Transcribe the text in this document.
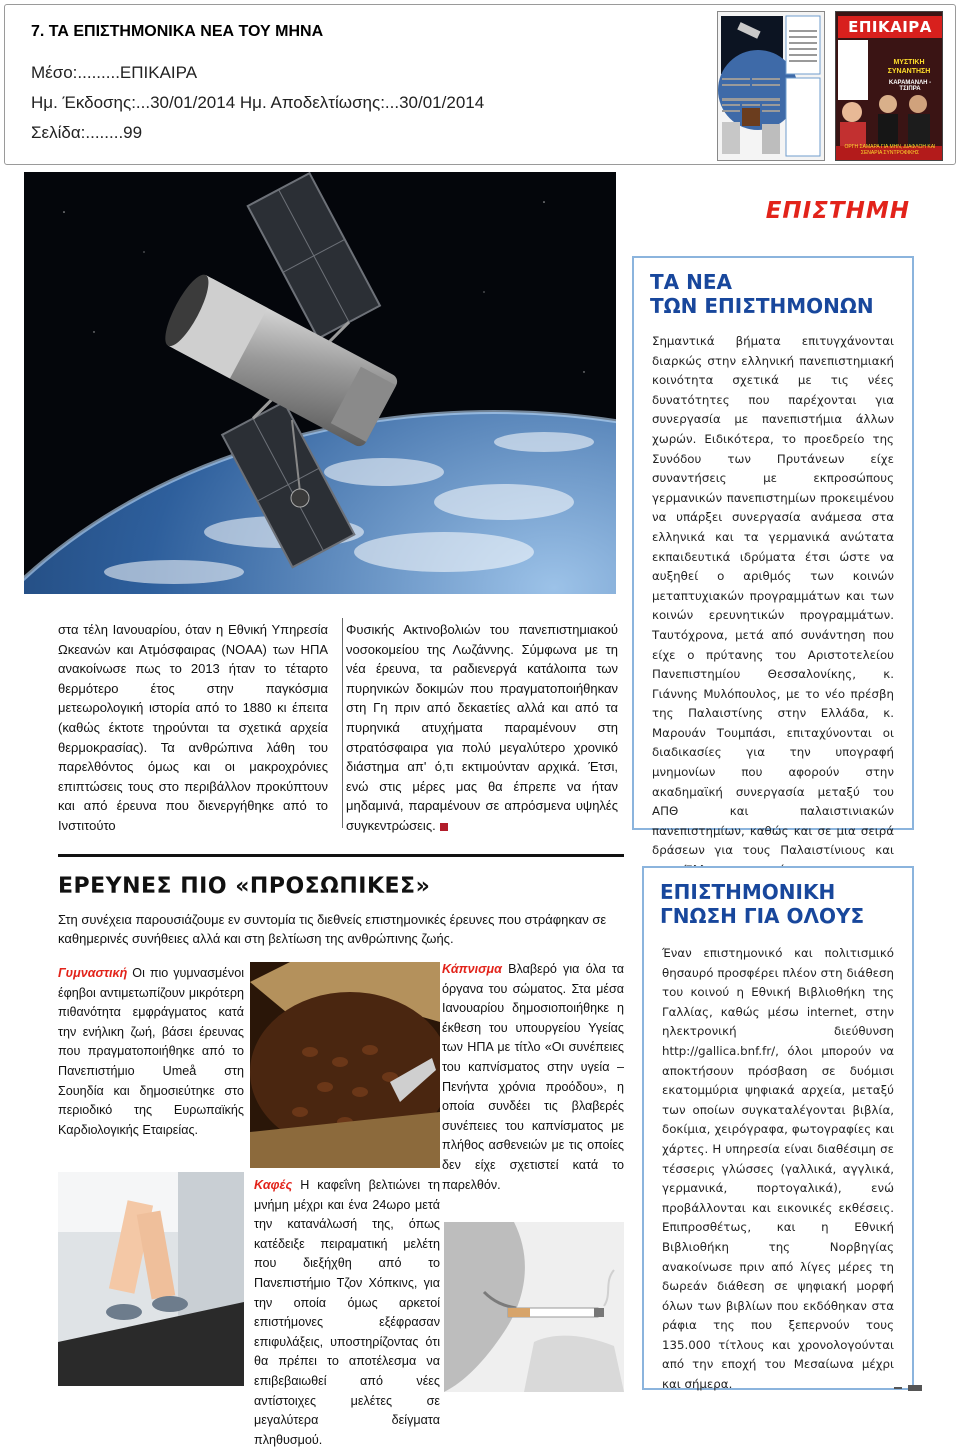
7. ΤΑ ΕΠΙΣΤΗΜΟΝΙΚΑ ΝΕΑ ΤΟΥ ΜΗΝΑ
Μέσο:.........ΕΠΙΚΑΙΡΑ
Ημ. Έκδοσης:...30/01/2014 Ημ. Αποδελτίωσης:...30/01/2014
Σελίδα:........99
ΕΠΙΚΑΙΡΑ
ΜΥΣΤΙΚΗ ΣΥΝΑΝΤΗΣΗ
ΚΑΡΑΜΑΝΛΗ - ΤΣΙΠΡΑ
ΟΡΓΗ ΣΑΜΑΡΑ ΓΙΑ ΜΗΝ, ΔΙΑΦΛΟΗ ΚΑΙ ΣΕΝΑΡΙΑ ΣΥΝΤΡΟΦΙΚΗΣ
ΕΠΙΣΤΗΜΗ
ΤΑ ΝΕΑ
ΤΩΝ ΕΠΙΣΤΗΜΟΝΩΝ
Σημαντικά βήματα επιτυγχάνονται διαρκώς στην ελληνική πανεπιστημιακή κοινότητα σχετικά με τις νέες δυνατότητες που παρέχονται για συνεργασία με πανεπιστήμια άλλων χωρών. Ειδικότερα, το προεδρείο της Συνόδου των Πρυτάνεων είχε συναντήσεις με εκπροσώπους γερμανικών πανεπιστημίων προκειμένου να υπάρξει συνεργασία ανάμεσα στα ελληνικά και τα γερμανικά ανώτατα εκπαιδευτικά ιδρύματα έτσι ώστε να αυξηθεί ο αριθμός των κοινών μεταπτυχιακών προγραμμάτων και των κοινών ερευνητικών προγραμμάτων. Ταυτόχρονα, μετά από συνάντηση που είχε ο πρύτανης του Αριστοτελείου Πανεπιστημίου Θεσσαλονίκης, κ. Γιάννης Μυλόπουλος, με το νέο πρέσβη της Παλαιστίνης στην Ελλάδα, κ. Μαρουάν Τουμπάσι, επιταχύνονται οι διαδικασίες για την υπογραφή μνημονίων που αφορούν στην ακαδημαϊκή συνεργασία μεταξύ του ΑΠΘ και παλαιστινιακών πανεπιστημίων, καθώς και σε μια σειρά δράσεων για τους Παλαιστίνιους και
ΕΠΙΣΤΗΜΟΝΙΚΗ
ΓΝΩΣΗ ΓΙΑ ΟΛΟΥΣ
Έναν επιστημονικό και πολιτισμικό θησαυρό προσφέρει πλέον στη διάθεση του κοινού η Εθνική Βιβλιοθήκη της Γαλλίας, καθώς μέσω internet, στην ηλεκτρονική διεύθυνση http://gallica.bnf.fr/, όλοι μπορούν να αποκτήσουν πρόσβαση σε δυόμισι εκατομμύρια ψηφιακά αρχεία, μεταξύ των οποίων συγκαταλέγονται βιβλία, δοκίμια, χειρόγραφα, φωτογραφίες και χάρτες. Η υπηρεσία είναι διαθέσιμη σε τέσσερις γλώσσες (γαλλικά, αγγλικά, γερμανικά, πορτογαλικά), ενώ προβάλλονται και εικονικές εκθέσεις. Επιπροσθέτως, και η Εθνική Βιβλιοθήκη της Νορβηγίας ανακοίνωσε πριν από λίγες μέρες τη δωρεάν διάθεση σε ψηφιακή μορφή όλων των βιβλίων που εκδόθηκαν στα ράφια της που ξεπερνούν τους 135.000 τίτλους και χρονολογούνται από την εποχή του Μεσαίωνα μέχρι και σήμερα.
στα τέλη Ιανουαρίου, όταν η Εθνική Υπηρεσία Ωκεανών και Ατμόσφαιρας (NOAA) των ΗΠΑ ανακοίνωσε πως το 2013 ήταν το τέταρτο θερμότερο έτος στην παγκόσμια μετεωρολογική ιστορία από το 1880 κι έπειτα (καθώς έκτοτε τηρούνται τα σχετικά αρχεία θερμοκρασίας). Τα ανθρώπινα λάθη του παρελθόντος όμως και οι μακροχρόνιες επιπτώσεις τους στο περιβάλλον προκύπτουν και από έρευνα που διενεργήθηκε από το Ινστιτούτο
Φυσικής Ακτινοβολιών του πανεπιστημιακού νοσοκομείου της Λωζάννης. Σύμφωνα με τη νέα έρευνα, τα ραδιενεργά κατάλοιπα των πυρηνικών δοκιμών που πραγματοποιήθηκαν στη Γη πριν από δεκαετίες αλλά και από τα πυρηνικά ατυχήματα παραμένουν στη στρατόσφαιρα για πολύ μεγαλύτερο χρονικό διάστημα απ' ό,τι εκτιμούνταν αρχικά. Έτσι, ενώ στις μέρες μας θα έπρεπε να ήταν μηδαμινά, παραμένουν σε απρόσμενα υψηλές συγκεντρώσεις.
ΕΡΕΥΝΕΣ ΠΙΟ «ΠΡΟΣΩΠΙΚΕΣ»
Στη συνέχεια παρουσιάζουμε εν συντομία τις διεθνείς επιστημονικές έρευνες που στράφηκαν σε καθημερινές συνήθειες αλλά και στη βελτίωση της ανθρώπινης ζωής.
Γυμναστική Οι πιο γυμνασμένοι έφηβοι αντιμετωπίζουν μικρότερη πιθανότητα εμφράγματος κατά την ενήλικη ζωή, βάσει έρευνας που πραγματοποιήθηκε από το Πανεπιστήμιο Umeå στη Σουηδία και δημοσιεύτηκε στο περιοδικό της Ευρωπαϊκής Καρδιολογικής Εταιρείας.
Καφές Η καφεΐνη βελτιώνει τη μνήμη μέχρι και ένα 24ωρο μετά την κατανάλωσή της, όπως κατέδειξε πειραματική μελέτη που διεξήχθη από το Πανεπιστήμιο Τζον Χόπκινς, για την οποία όμως αρκετοί επιστήμονες εξέφρασαν επιφυλάξεις, υποστηρίζοντας ότι θα πρέπει το αποτέλεσμα να επιβεβαιωθεί από νέες αντίστοιχες μελέτες σε μεγαλύτερα δείγματα πληθυσμού.
Κάπνισμα Βλαβερό για όλα τα όργανα του σώματος. Στα μέσα Ιανουαρίου δημοσιοποιήθηκε η έκθεση του υπουργείου Υγείας των ΗΠΑ με τίτλο «Οι συνέπειες του καπνίσματος στην υγεία – Πενήντα χρόνια προόδου», η οποία συνδέει τις βλαβερές συνέπειες του καπνίσματος με πλήθος ασθενειών με τις οποίες δεν είχε σχετιστεί κατά το παρελθόν.
